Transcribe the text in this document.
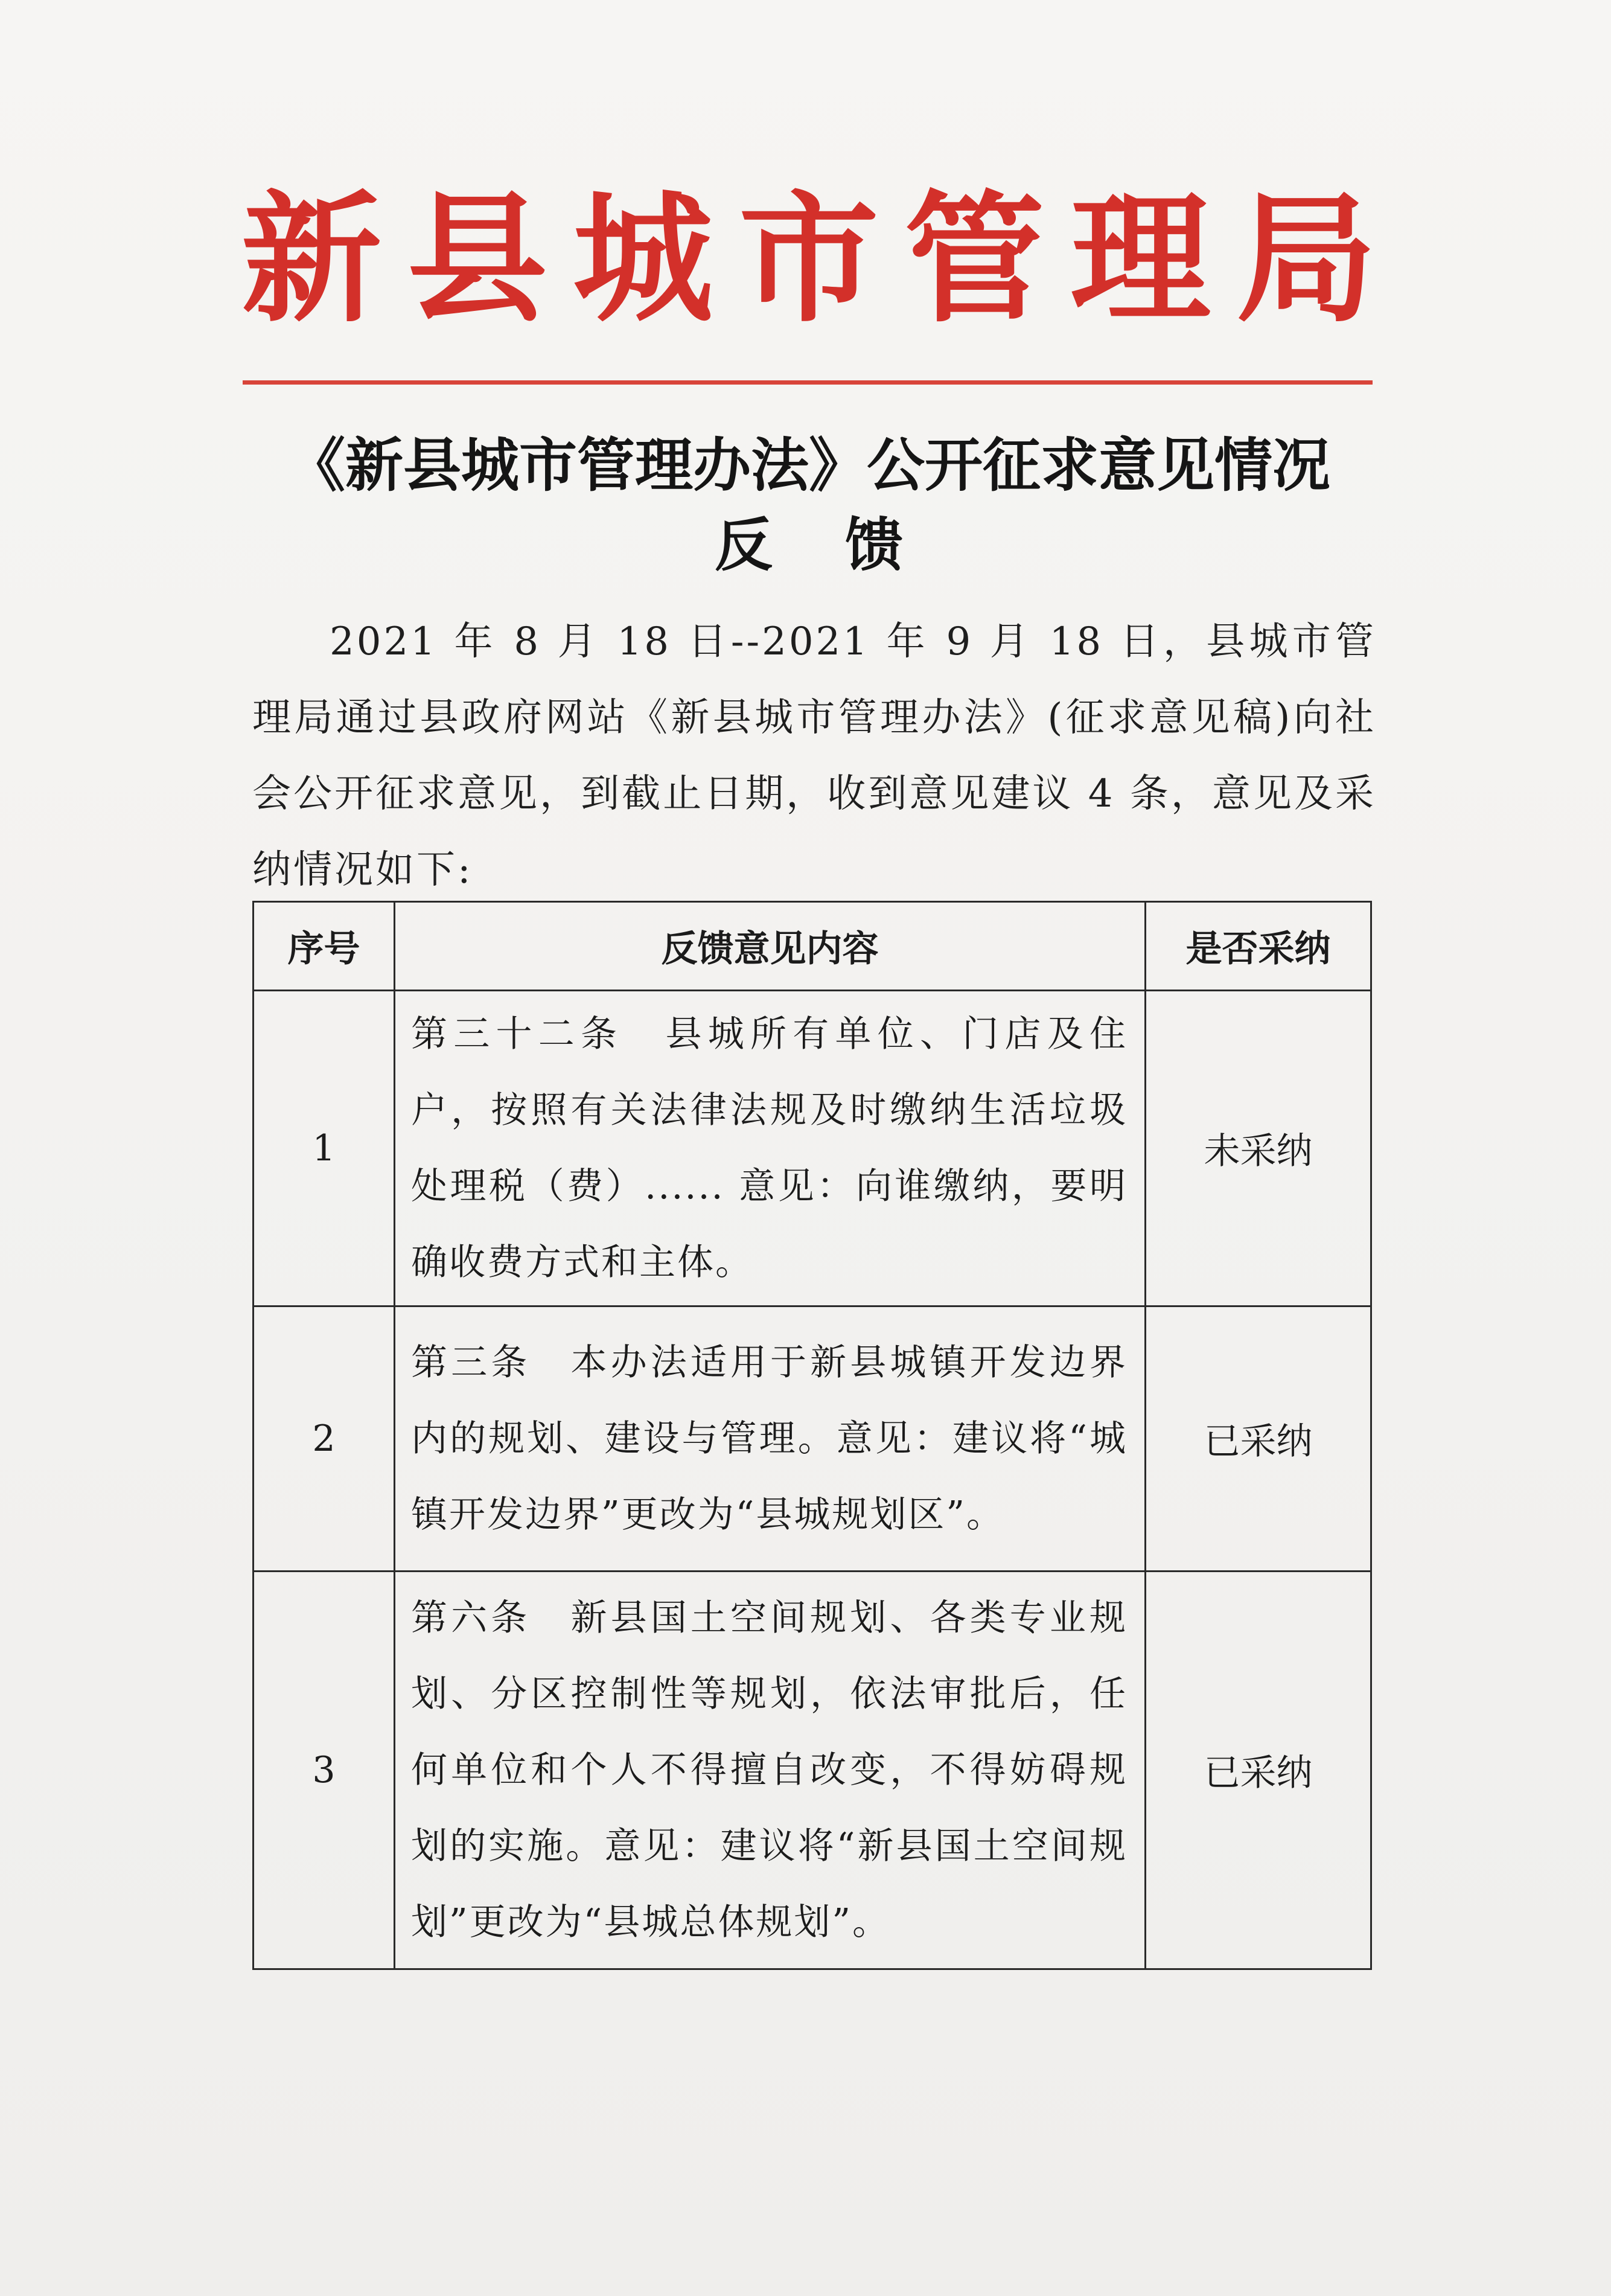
新县城市管理局
《新县城市管理办法》公开征求意见情况
反馈

2021 年 8 月 18 日--2021 年 9 月 18 日，县城市管理局通过县政府网站《新县城市管理办法》(征求意见稿)向社会公开征求意见，到截止日期，收到意见建议 4 条，意见及采纳情况如下:

序号	反馈意见内容	是否采纳
1	第三十二条　县城所有单位、门店及住户，按照有关法律法规及时缴纳生活垃圾处理税（费）...... 意见：向谁缴纳，要明确收费方式和主体。	未采纳
2	第三条　本办法适用于新县城镇开发边界内的规划、建设与管理。意见：建议将“城镇开发边界”更改为“县城规划区”。	已采纳
3	第六条　新县国土空间规划、各类专业规划、分区控制性等规划，依法审批后，任何单位和个人不得擅自改变，不得妨碍规划的实施。意见：建议将“新县国土空间规划”更改为“县城总体规划”。	已采纳
